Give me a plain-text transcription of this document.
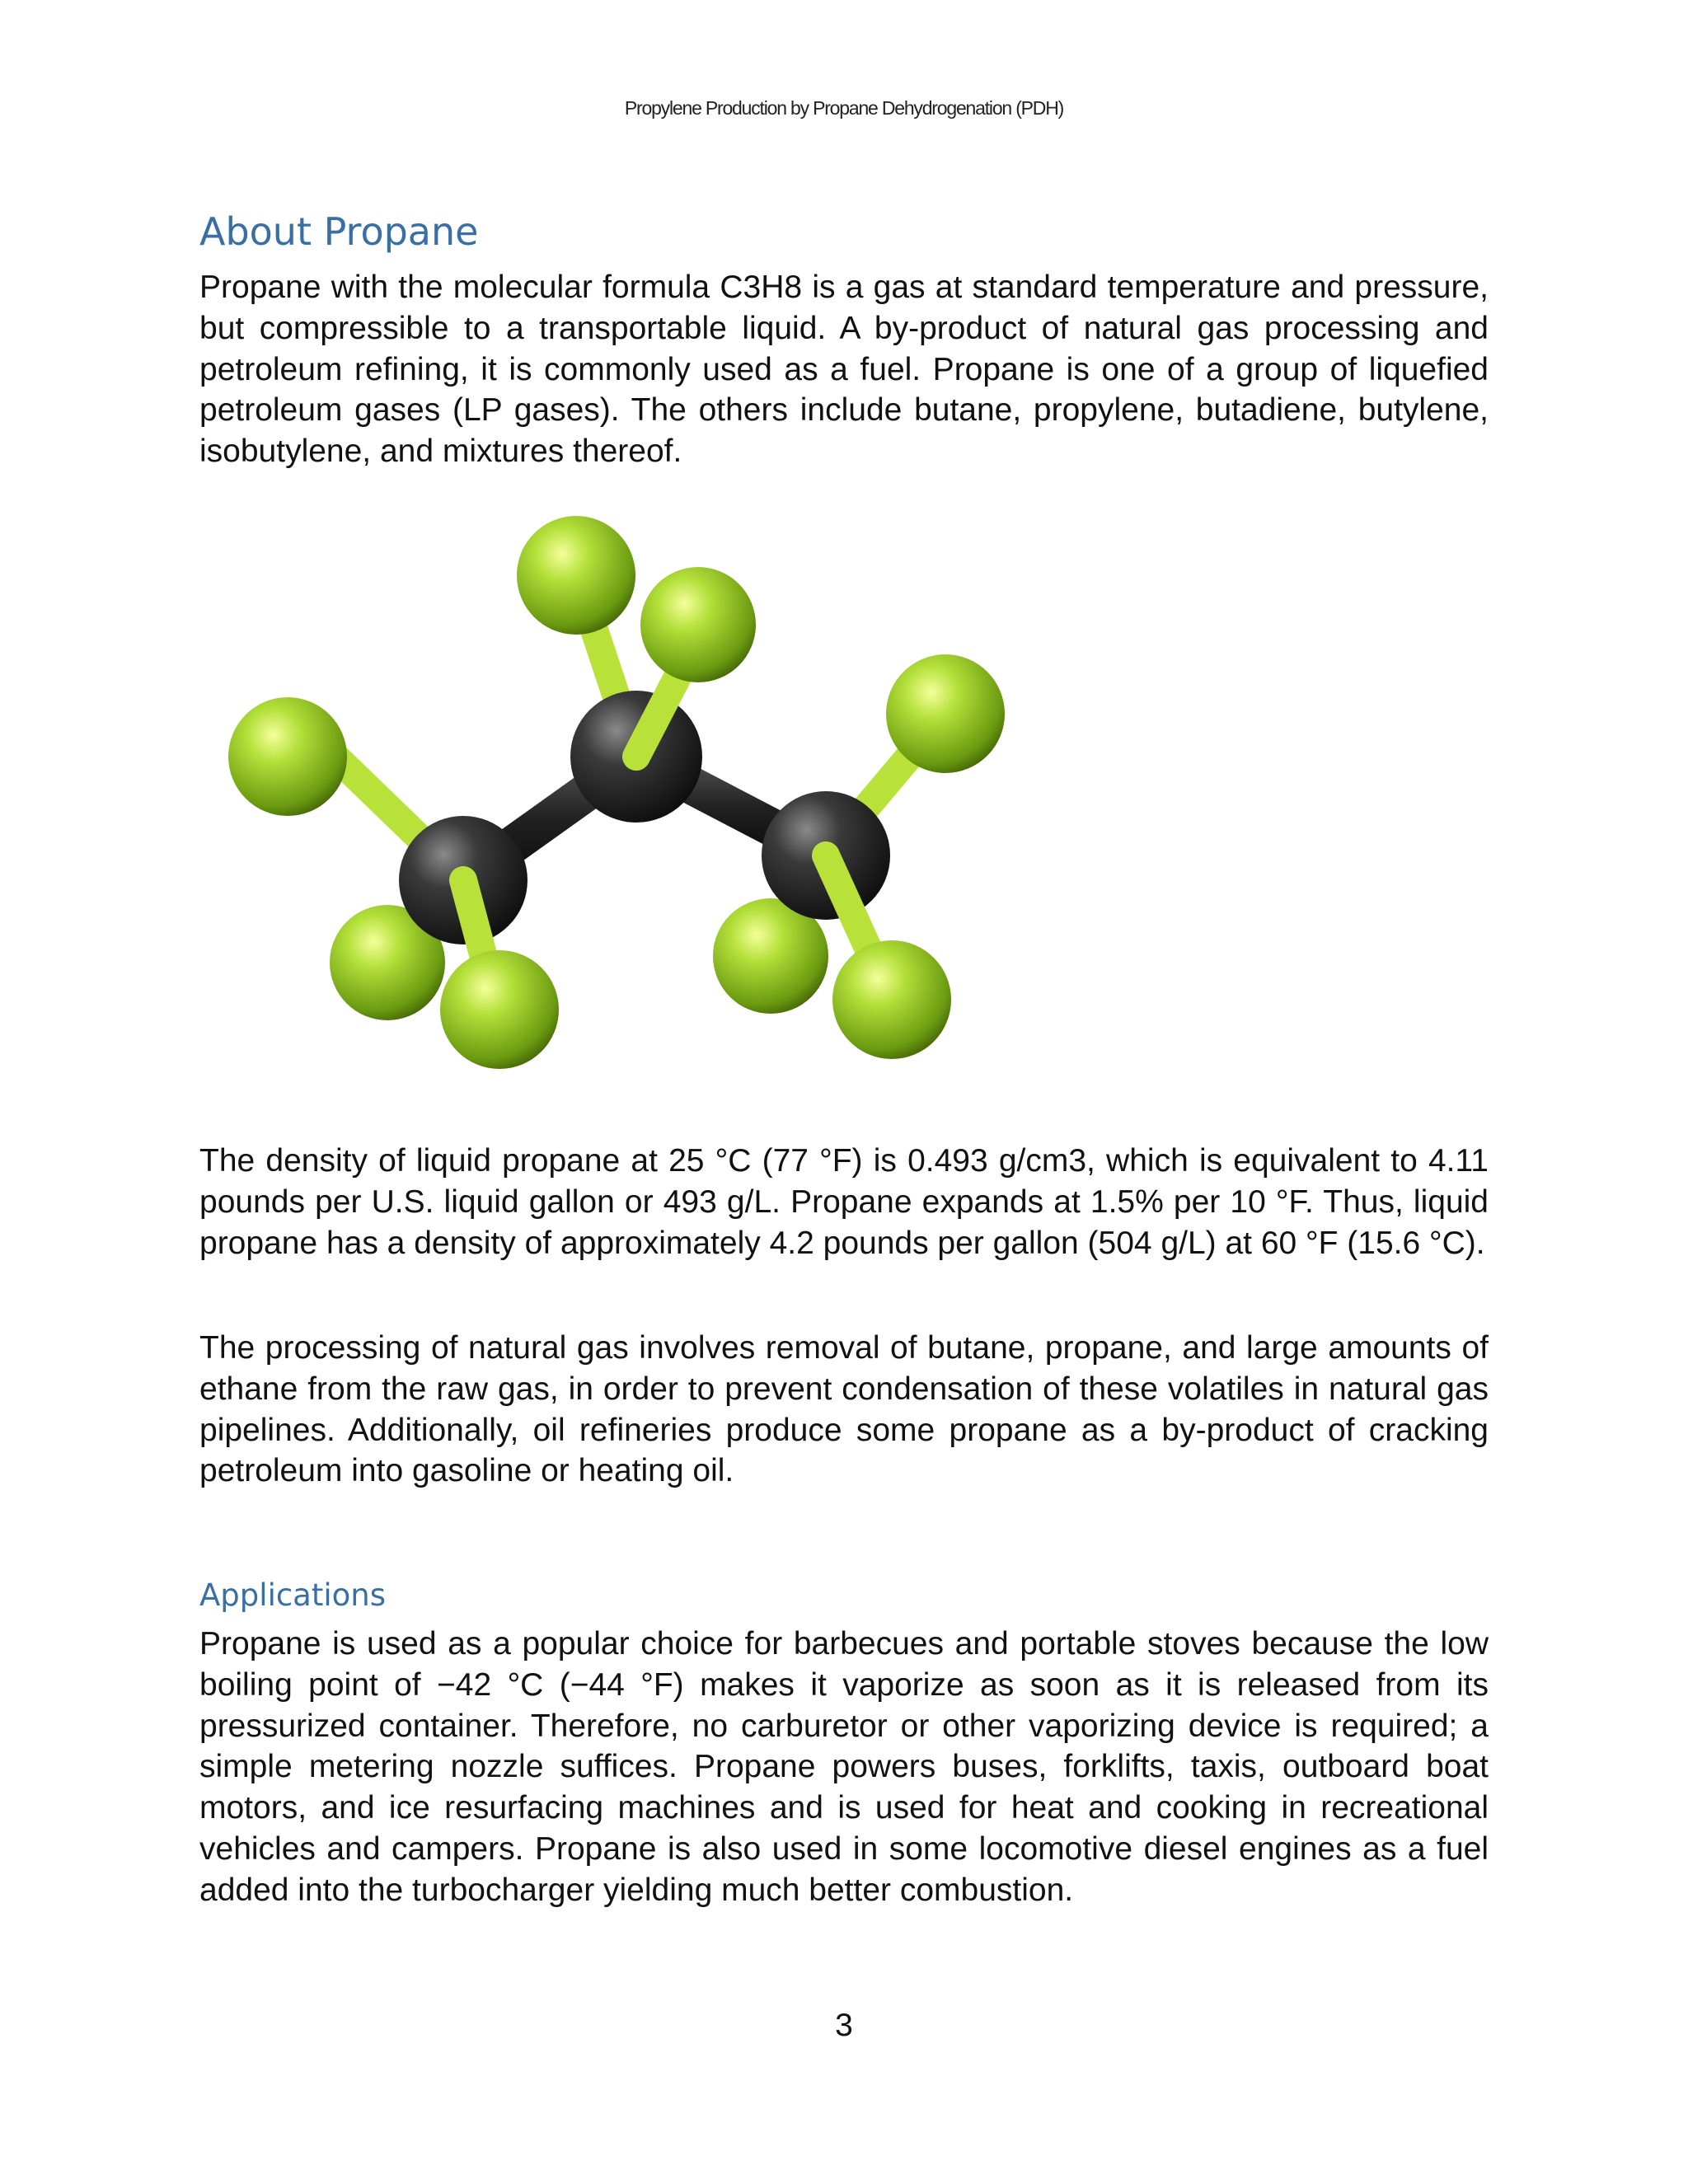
Propylene Production by Propane Dehydrogenation (PDH)
About Propane

Propane with the molecular formula C3H8 is a gas at standard temperature and pressure, but compressible to a transportable liquid. A by-product of natural gas processing and petroleum refining, it is commonly used as a fuel. Propane is one of a group of liquefied petroleum gases (LP gases). The others include butane, propylene, butadiene, butylene, isobutylene, and mixtures thereof.

The density of liquid propane at 25 °C (77 °F) is 0.493 g/cm3, which is equivalent to 4.11 pounds per U.S. liquid gallon or 493 g/L. Propane expands at 1.5% per 10 °F. Thus, liquid propane has a density of approximately 4.2 pounds per gallon (504 g/L) at 60 °F (15.6 °C).

The processing of natural gas involves removal of butane, propane, and large amounts of ethane from the raw gas, in order to prevent condensation of these volatiles in natural gas pipelines. Additionally, oil refineries produce some propane as a by-product of cracking petroleum into gasoline or heating oil.

Applications

Propane is used as a popular choice for barbecues and portable stoves because the low boiling point of −42 °C (−44 °F) makes it vaporize as soon as it is released from its pressurized container. Therefore, no carburetor or other vaporizing device is required; a simple metering nozzle suffices. Propane powers buses, forklifts, taxis, outboard boat motors, and ice resurfacing machines and is used for heat and cooking in recreational vehicles and campers. Propane is also used in some locomotive diesel engines as a fuel added into the turbocharger yielding much better combustion.

3
